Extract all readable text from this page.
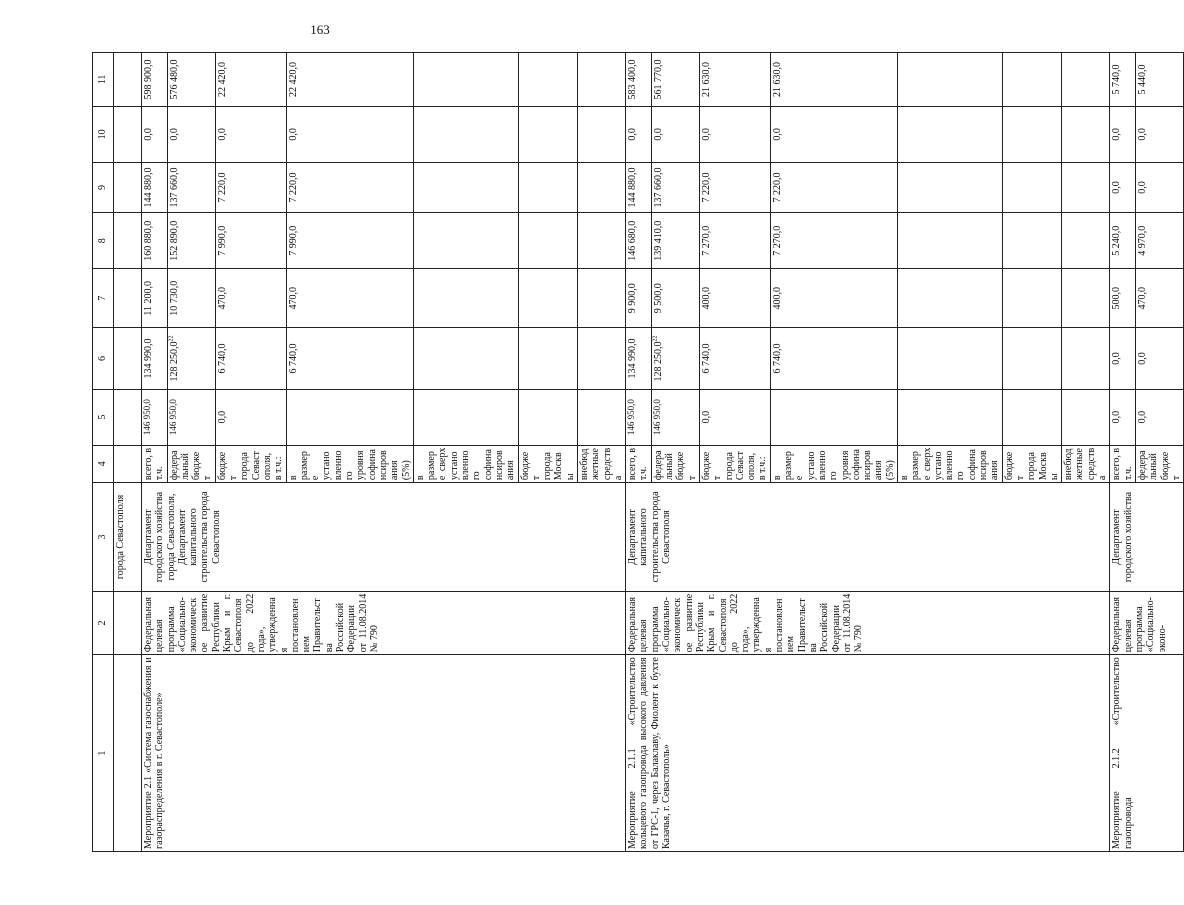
163
1	2	3	4	5	6	7	8	9	10	11
		города Севастополя								
Мероприятие 2.1 «Система газоснабжения и газораспределения в г. Севастополе»	Федеральная целевая программа «Социально-экономическое развитие Республики Крым и г. Севастополя до 2022 года», утвержденная постановлением Правительства Российской Федерации от 11.08.2014 № 790	Департамент городского хозяйства города Севастополя, Департамент капитального строительства города Севастополя	всего, в т.ч.	146 950,0	134 990,0	11 200,0	160 880,0	144 880,0	0,0	598 900,0
			федеральный бюджет	146 950,0	128 250,0$^{22}$	10 730,0	152 890,0	137 660,0	0,0	576 480,0
			бюджет города Севастополя, в т.ч.:	0,0	6 740,0	470,0	7 990,0	7 220,0	0,0	22 420,0
			в размере установленного уровня софинансирования (5%)		6 740,0	470,0	7 990,0	7 220,0	0,0	22 420,0
			в размере сверх установленного софинансирования							
			бюджет города Москвы							
			внебюджетные средства							
Мероприятие 2.1.1 «Строительство кольцевого газопровода высокого давления от ГРС-1, через Балаклаву, Фиолент к бухте Казачья, г. Севастополь»	Федеральная целевая программа «Социально-экономическое развитие Республики Крым и г. Севастополя до 2022 года», утвержденная постановлением Правительства Российской Федерации от 11.08.2014 № 790	Департамент капитального строительства города Севастополя	всего, в т.ч.	146 950,0	134 990,0	9 900,0	146 680,0	144 880,0	0,0	583 400,0
			федеральный бюджет	146 950,0	128 250,0$^{22}$	9 500,0	139 410,0	137 660,0	0,0	561 770,0
			бюджет города Севастополя, в т.ч.:	0,0	6 740,0	400,0	7 270,0	7 220,0	0,0	21 630,0
			в размере установленного уровня софинансирования (5%)		6 740,0	400,0	7 270,0	7 220,0	0,0	21 630,0
			в размере сверх установленного софинансирования							
			бюджет города Москвы							
			внебюджетные средства							
Мероприятие 2.1.2 «Строительство газопровода	Федеральная целевая программа «Социально-эконо-	Департамент городского хозяйства	всего, в т.ч.	0,0	0,0	500,0	5 240,0	0,0	0,0	5 740,0
			федеральный бюджет	0,0	0,0	470,0	4 970,0	0,0	0,0	5 440,0
